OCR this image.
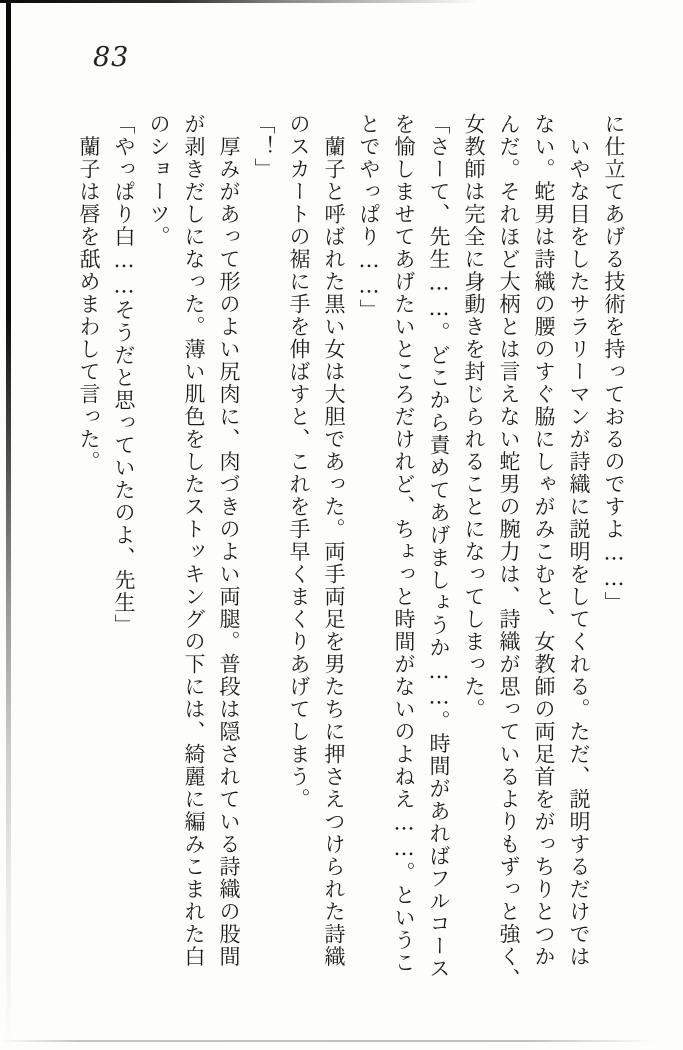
83
に仕立てあげる技術を持っておるのですよ……」
　いやな目をしたサラリーマンが詩織に説明をしてくれる。ただ、説明するだけでは
ない。蛇男は詩織の腰のすぐ脇にしゃがみこむと、女教師の両足首をがっちりとつか
んだ。それほど大柄とは言えない蛇男の腕力は、詩織が思っているよりもずっと強く、
女教師は完全に身動きを封じられることになってしまった。
「さーて、先生……。どこから責めてあげましょうか……。時間があればフルコース
を愉しませてあげたいところだけれど、ちょっと時間がないのよねえ……。というこ
とでやっぱり……」
　蘭子と呼ばれた黒い女は大胆であった。両手両足を男たちに押さえつけられた詩織
のスカートの裾に手を伸ばすと、これを手早くまくりあげてしまう。
「！」
　厚みがあって形のよい尻肉に、肉づきのよい両腿。普段は隠されている詩織の股間
が剥きだしになった。薄い肌色をしたストッキングの下には、綺麗に編みこまれた白
のショーツ。
「やっぱり白……そうだと思っていたのよ、先生」
　蘭子は唇を舐めまわして言った。
